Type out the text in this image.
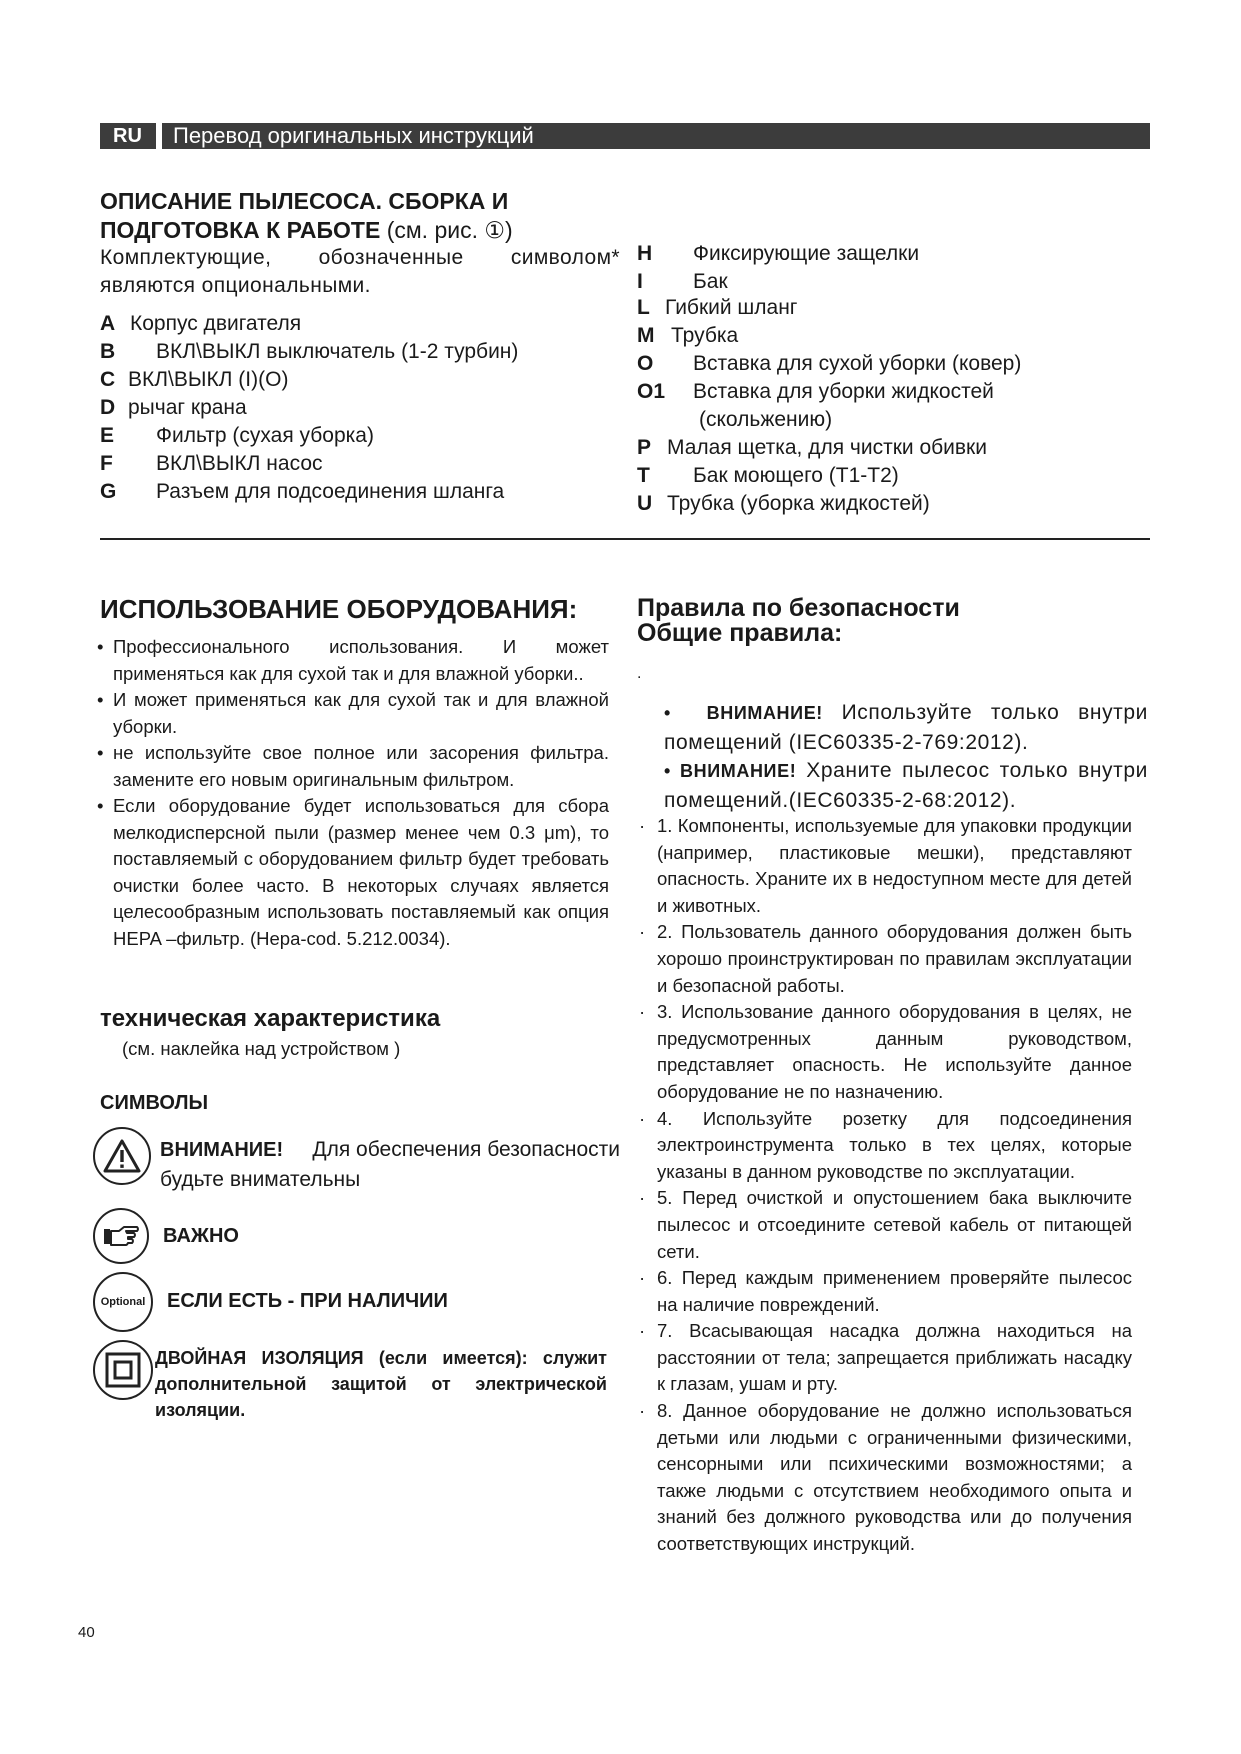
RU	Перевод оригинальных инструкций
ОПИСАНИЕ ПЫЛЕСОСА. СБОРКА И ПОДГОТОВКА К РАБОТЕ (см. рис. ①)
Комплектующие, обозначенные символом* являются опциональными.
A Корпус двигателя
B	ВКЛ\ВЫКЛ выключатель (1-2 турбин)
C ВКЛ\ВЫКЛ (I)(O)
D рычаг крана
E	Фильтр (сухая уборка)
F	ВКЛ\ВЫКЛ насос
G	Разъем для подсоединения шланга
H	Фиксирующие защелки
I	Бак
L Гибкий шланг
M Трубка
O	Вставка для сухой уборки (ковер)
O1	Вставка для уборки жидкостей
(скольжению)
P Малая щетка, для чистки обивки
T	Бак моющего (T1-T2)
U Трубка (уборка жидкостей)
ИСПОЛЬЗОВАНИЕ ОБОРУДОВАНИЯ:
• Профессионального использования. И может применяться как для сухой так и для влажной уборки..
• И может применяться как для сухой так и для влажной уборки.
• не используйте свое полное или засорения фильтра. замените его новым оригинальным фильтром.
• Если оборудование будет использоваться для сбора мелкодисперсной пыли (размер менее чем 0.3 μm), то поставляемый с оборудованием фильтр будет требовать очистки более часто. В некоторых случаях является целесообразным использовать поставляемый как опция HEPA –фильтр. (Hepa-cod. 5.212.0034).
техническая характеристика
(см. наклейка над устройством )
СИМВОЛЫ
ВНИМАНИЕ! Для обеспечения безопасности будьте внимательны
ВАЖНО
Optional ЕСЛИ ЕСТЬ - ПРИ НАЛИЧИИ
ДВОЙНАЯ ИЗОЛЯЦИЯ (если имеется): служит дополнительной защитой от электрической изоляции.
Правила по безопасности
Общие правила:
.
•  ВНИМАНИЕ! Используйте только внутри помещений (IEC60335-2-769:2012).
• ВНИМАНИЕ! Храните пылесос только внутри помещений.(IEC60335-2-68:2012).
· 1. Компоненты, используемые для упаковки продукции (например, пластиковые мешки), представляют опасность. Храните их в недоступном месте для детей и животных.
· 2. Пользователь данного оборудования должен быть хорошо проинструктирован по правилам эксплуатации и безопасной работы.
· 3. Использование данного оборудования в целях, не предусмотренных данным руководством, представляет опасность. Не используйте данное оборудование не по назначению.
· 4. Используйте розетку для подсоединения электроинструмента только в тех целях, которые указаны в данном руководстве по эксплуатации.
· 5. Перед очисткой и опустошением бака выключите пылесос и отсоедините сетевой кабель от питающей сети.
· 6. Перед каждым применением проверяйте пылесос на наличие повреждений.
· 7. Всасывающая насадка должна находиться на расстоянии от тела; запрещается приближать насадку к глазам, ушам и рту.
· 8. Данное оборудование не должно использоваться детьми или людьми с ограниченными физическими, сенсорными или психическими возможностями; а также людьми с отсутствием необходимого опыта и знаний без должного руководства или до получения соответствующих инструкций.
40
